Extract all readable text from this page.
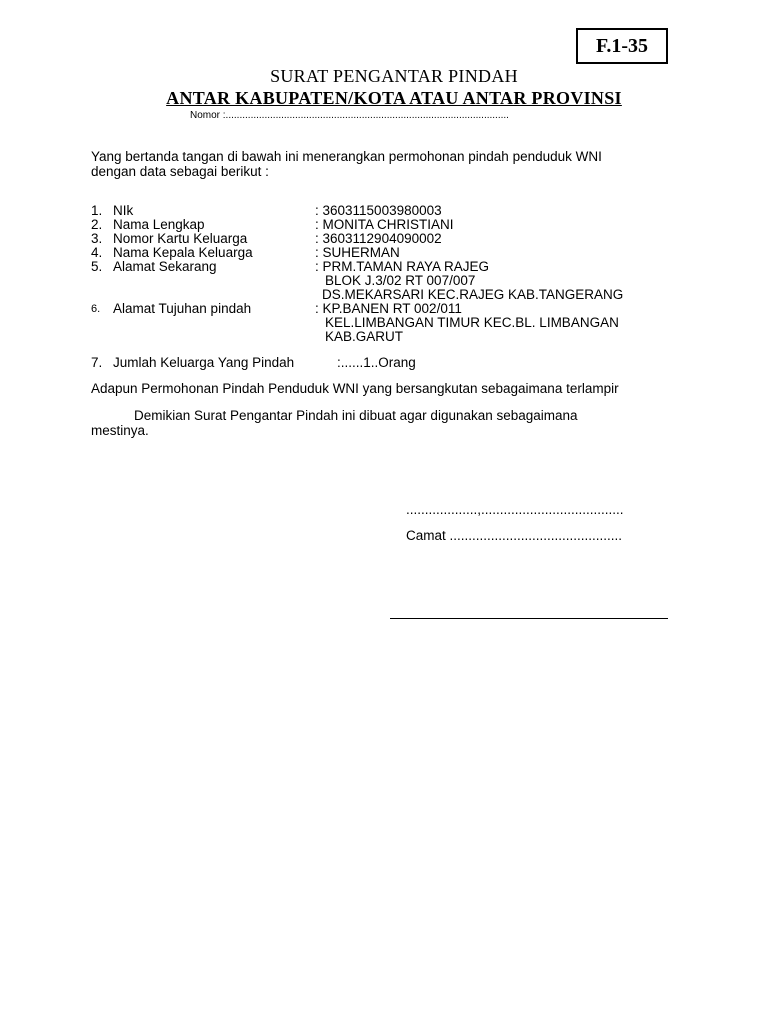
F.1-35
SURAT PENGANTAR PINDAH
ANTAR KABUPATEN/KOTA ATAU ANTAR PROVINSI
Nomor :......................................................................................................
Yang bertanda tangan di bawah ini menerangkan permohonan pindah penduduk WNI
dengan data sebagai berikut :
1. NIk	: 3603115003980003
2. Nama Lengkap	: MONITA CHRISTIANI
3. Nomor Kartu Keluarga	: 3603112904090002
4. Nama Kepala Keluarga	: SUHERMAN
5. Alamat Sekarang	: PRM.TAMAN RAYA RAJEG
BLOK J.3/02 RT 007/007
DS.MEKARSARI KEC.RAJEG KAB.TANGERANG
6. Alamat Tujuhan pindah	: KP.BANEN RT 002/011
KEL.LIMBANGAN TIMUR KEC.BL. LIMBANGAN
KAB.GARUT
7. Jumlah Keluarga Yang Pindah	:......1..Orang
Adapun Permohonan Pindah Penduduk WNI yang bersangkutan sebagaimana terlampir
Demikian Surat Pengantar Pindah ini dibuat agar digunakan sebagaimana
mestinya.
...................,......................................
Camat ..............................................
